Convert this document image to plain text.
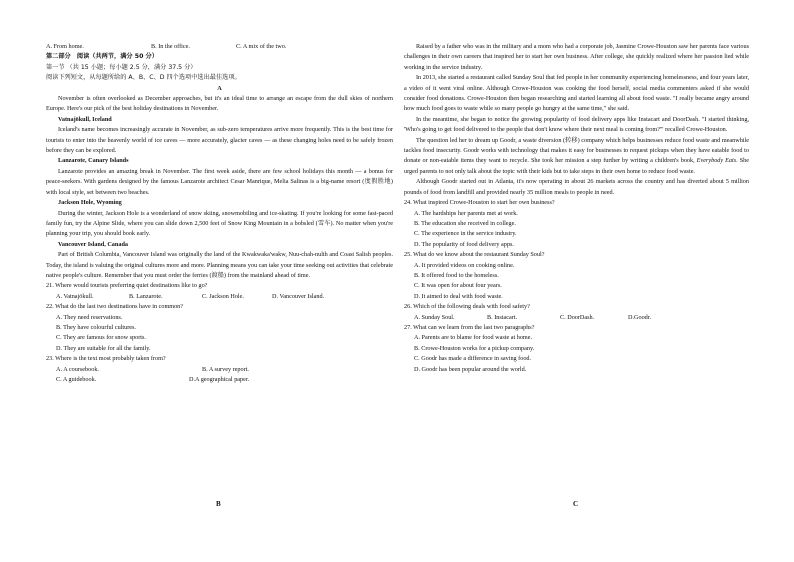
A. From home.	B. In the office.	C. A mix of the two.

第二部分　阅读（共两节，满分 50 分）

第一节 （共 15 小题；每小题 2.5 分，满分 37.5 分）

阅读下列短文，从每题所给的 A、B、C、D 四个选项中选出最佳选项。

A

November is often overlooked as December approaches, but it's an ideal time to arrange an escape from the dull skies of northern Europe. Here's our pick of the best holiday destinations in November.

Vatnajökull, Iceland

Iceland's name becomes increasingly accurate in November, as sub-zero temperatures arrive more frequently. This is the best time for tourists to enter into the heavenly world of ice caves — more accurately, glacier caves — as these changing holes need to be safely frozen before they can be explored.

Lanzarote, Canary Islands

Lanzarote provides an amazing break in November. The first week aside, there are few school holidays this month — a bonus for peace-seekers. With gardens designed by the famous Lanzarote architect Cesar Manrique, Melia Salinas is a big-name resort (度假胜地) with local style, set between two beaches.

Jackson Hole, Wyoming

During the winter, Jackson Hole is a wonderland of snow skiing, snowmobiling and ice-skating. If you're looking for some fast-paced family fun, try the Alpine Slide, where you can slide down 2,500 feet of Snow King Mountain in a bobsled (雪车). No matter when you're planning your trip, you should book early.

Vancouver Island, Canada

Part of British Columbia, Vancouver Island was originally the land of the Kwakwaka'wakw, Nuu-chah-nulth and Coast Salish peoples. Today, the island is valuing the original cultures more and more. Planning means you can take your time seeking out activities that celebrate native people's culture. Remember that you must order the ferries (渡船) from the mainland ahead of time.

21. Where would tourists preferring quiet destinations like to go?

A. Vatnajökull.	B. Lanzarote.	C. Jackson Hole.	D. Vancouver Island.

22. What do the last two destinations have in common?

A. They need reservations.

B. They have colourful cultures.

C. They are famous for snow sports.

D. They are suitable for all the family.

23. Where is the text most probably taken from?

A. A coursebook.	B. A survey report.
C. A guidebook.	D.A geographical paper.

Raised by a father who was in the military and a mom who had a corporate job, Jasmine Crowe-Houston saw her parents face various challenges in their own careers that inspired her to start her own business. After college, she quickly realized where her passion lied while working in the service industry.

In 2013, she started a restaurant called Sunday Soul that fed people in her community experiencing homelessness, and four years later, a video of it went viral online. Although Crowe-Houston was cooking the food herself, social media commenters asked if she would consider food donations. Crowe-Houston then began researching and started learning all about food waste. "I really became angry around how much food goes to waste while so many people go hungry at the same time," she said.

In the meantime, she began to notice the growing popularity of food delivery apps like Instacart and DoorDash. "I started thinking, 'Who's going to get food delivered to the people that don't know where their next meal is coming from?'" recalled Crowe-Houston.

The question led her to dream up Goodr, a waste diversion (转移) company which helps businesses reduce food waste and meanwhile tackles food insecurity. Goodr works with technology that makes it easy for businesses to request pickups when they have eatable food to donate or non-eatable items they want to recycle. She took her mission a step further by writing a children's book, Everybody Eats. She urged parents to not only talk about the topic with their kids but to take steps in their own home to reduce food waste.

Although Goodr started out in Atlanta, it's now operating in about 26 markets across the country and has diverted about 5 million pounds of food from landfill and provided nearly 35 million meals to people in need.

24. What inspired Crowe-Houston to start her own business?

A. The hardships her parents met at work.

B. The education she received in college.

C. The experience in the service industry.

D. The popularity of food delivery apps.

25. What do we know about the restaurant Sunday Soul?

A. It provided videos on cooking online.

B. It offered food to the homeless.

C. It was open for about four years.

D. It aimed to deal with food waste.

26. Which of the following deals with food safety?

A. Sunday Soul.	B. Instacart.	C. DoorDash.	D.Goodr.

27. What can we learn from the last two paragraphs?

A. Parents are to blame for food waste at home.

B. Crowe-Houston works for a pickup company.

C. Goodr has made a difference in saving food.

D. Goodr has been popular around the world.

B	C
